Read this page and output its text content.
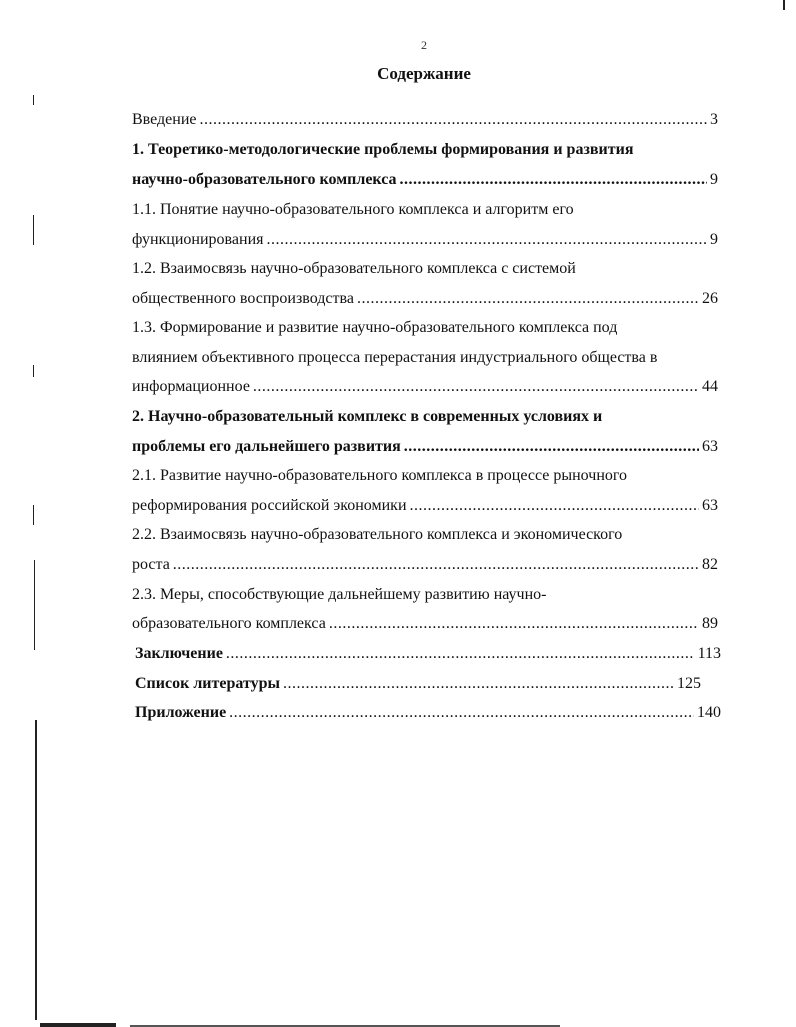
2
Содержание
Введение .....	3
1. Теоретико-методологические проблемы формирования и развития
научно-образовательного комплекса .....	9
1.1. Понятие научно-образовательного комплекса и алгоритм его
функционирования .....	9
1.2. Взаимосвязь научно-образовательного комплекса с системой
общественного воспроизводства .....	26
1.3. Формирование и развитие научно-образовательного комплекса под
влиянием объективного процесса перерастания индустриального общества в
информационное .....	44
2. Научно-образовательный комплекс в современных условиях и
проблемы его дальнейшего развития .....	63
2.1. Развитие научно-образовательного комплекса в процессе рыночного
реформирования российской экономики .....	63
2.2. Взаимосвязь научно-образовательного комплекса и экономического
роста .....	82
2.3. Меры, способствующие дальнейшему развитию научно-
образовательного комплекса .....	89
Заключение .....	113
Список литературы .....	125
Приложение .....	140
